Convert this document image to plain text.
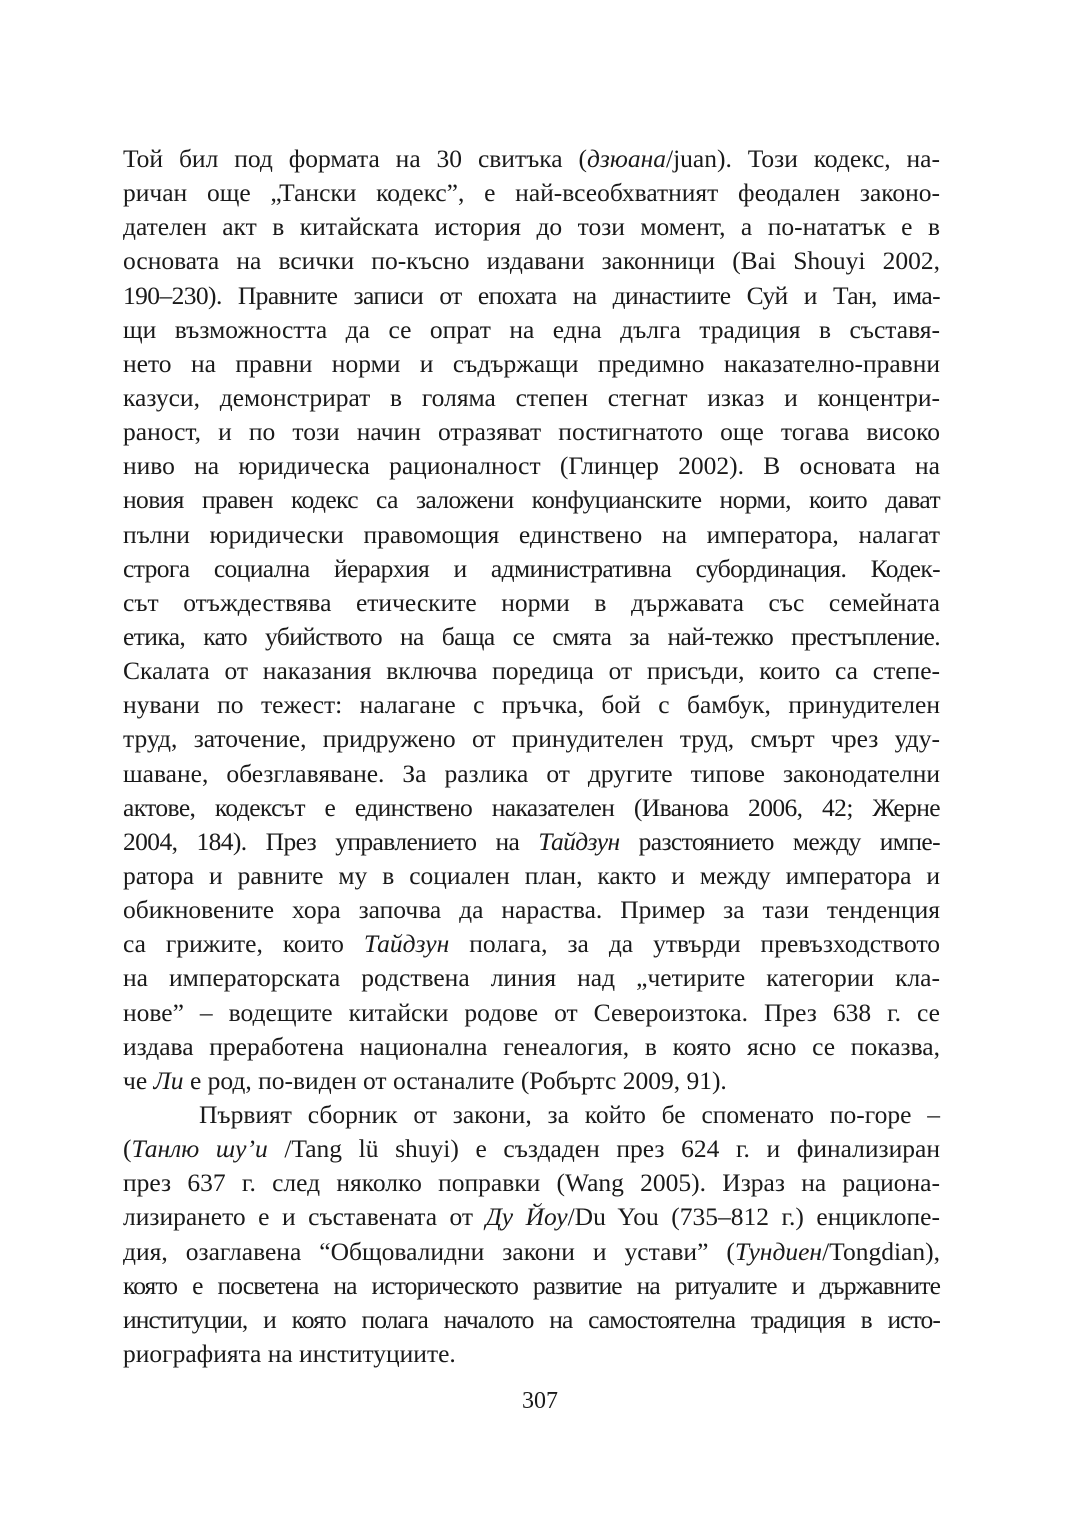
Той бил под формата на 30 свитъка (дзюана/juan). Този кодекс, на-
ричан още „Тански кодекс”, е най-всеобхватният феодален законо-
дателен акт в китайската история до този момент, а по-нататък е в
основата на всички по-късно издавани законници (Bai Shouyi 2002,
190–230). Правните записи от епохата на династиите Суй и Тан, има-
щи възможността да се опрат на една дълга традиция в съставя-
нето на правни норми и съдържащи предимно наказателно-правни
казуси, демонстрират в голяма степен стегнат изказ и концентри-
раност, и по този начин отразяват постигнатото още тогава високо
ниво на юридическа рационалност (Глинцер 2002). В основата на
новия правен кодекс са заложени конфуцианските норми, които дават
пълни юридически правомощия единствено на императора, налагат
строга социална йерархия и административна субординация. Кодек-
сът отъждествява етическите норми в държавата със семейната
етика, като убийството на баща се смята за най-тежко престъпление.
Скалата от наказания включва поредица от присъди, които са степе-
нувани по тежест: налагане с пръчка, бой с бамбук, принудителен
труд, заточение, придружено от принудителен труд, смърт чрез уду-
шаване, обезглавяване. За разлика от другите типове законодателни
актове, кодексът е единствено наказателен (Иванова 2006, 42; Жерне
2004, 184). През управлението на Тайдзун разстоянието между импе-
ратора и равните му в социален план, както и между императора и
обикновените хора започва да нараства. Пример за тази тенденция
са грижите, които Тайдзун полага, за да утвърди превъзходството
на императорската родствена линия над „четирите категории кла-
нове” – водещите китайски родове от Североизтока. През 638 г. се
издава преработена национална генеалогия, в която ясно се показва,
че Ли е род, по-виден от останалите (Робъртс 2009, 91).
Първият сборник от закони, за който бе споменато по-горе –
(Танлю шу’и /Tang lü shuyi) е създаден през 624 г. и финализиран
през 637 г. след няколко поправки (Wang 2005). Израз на рациона-
лизирането е и съставената от Ду Йоу/Du You (735–812 г.) енциклопе-
дия, озаглавена “Общовалидни закони и устави” (Тундиен/Tongdian),
която е посветена на историческото развитие на ритуалите и държавните
институции, и която полага началото на самостоятелна традиция в исто-
риографията на институциите.
307
